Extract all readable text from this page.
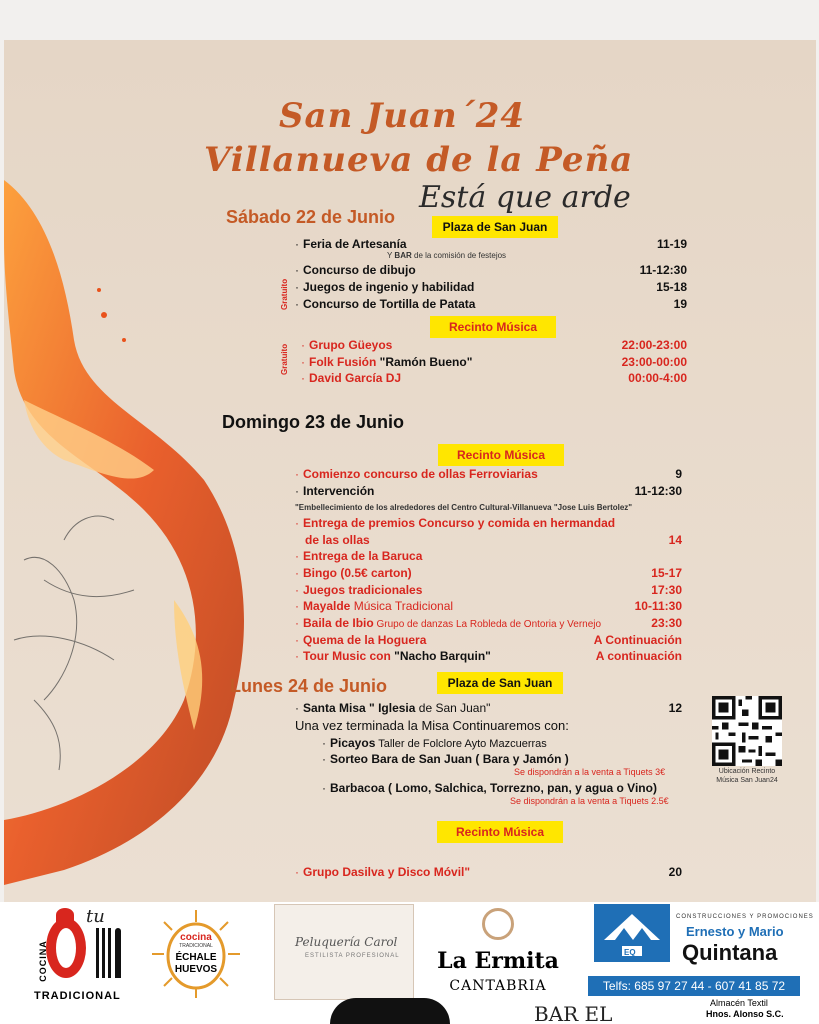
San Juan´24
Villanueva de la Peña
Está que arde
Sábado 22 de Junio	Plaza de San Juan
· Feria de Artesanía	11-19
Y BAR de la comisión de festejos
Gratuito
· Concurso de dibujo	11-12:30
· Juegos de ingenio y habilidad	15-18
· Concurso de Tortilla de Patata	19
Recinto Música
Gratuito · Grupo Güeyos	22:00-23:00
· Folk Fusión "Ramón Bueno"	23:00-00:00
· David García DJ	00:00-4:00
Domingo 23 de Junio
Recinto Música
· Comienzo concurso de ollas Ferroviarias	9
· Intervención	11-12:30
"Embellecimiento de los alrededores del Centro Cultural-Villanueva "Jose Luis Bertolez"
· Entrega de premios Concurso y comida en hermandad
de las ollas	14
· Entrega de la Baruca
· Bingo (0.5€ carton)	15-17
· Juegos tradicionales	17:30
· Mayalde Música Tradicional	10-11:30
· Baila de Ibio Grupo de danzas La Robleda de Ontoria y Vernejo	23:30
· Quema de la Hoguera	A Continuación
· Tour Music con "Nacho Barquin"	A continuación
Lunes 24 de Junio	Plaza de San Juan
· Santa Misa " Iglesia de San Juan"	12
Una vez terminada la Misa Continuaremos con:
· Picayos Taller de Folclore Ayto Mazcuerras
· Sorteo Bara de San Juan ( Bara y Jamón )
Se dispondrán a la venta a Tiquets 3€
· Barbacoa ( Lomo, Salchica, Torrezno, pan, y agua o Vino)
Se dispondrán a la venta a Tiquets 2.5€
Recinto Música
· Grupo Dasilva y Disco Móvil"	20
Ubicación Recinto
Música San Juan24
tu
COCINA
TRADICIONAL
cocina
TRADICIONAL
ÉCHALE
HUEVOS
Peluquería Carol
ESTILISTA PROFESIONAL La Ermita
CANTABRIA
EQ
CONSTRUCCIONES Y PROMOCIONES
Ernesto y Mario
Quintana
Telfs: 685 97 27 44 - 607 41 85 72
BAR EL	Almacén Textil
Hnos. Alonso S.C.
